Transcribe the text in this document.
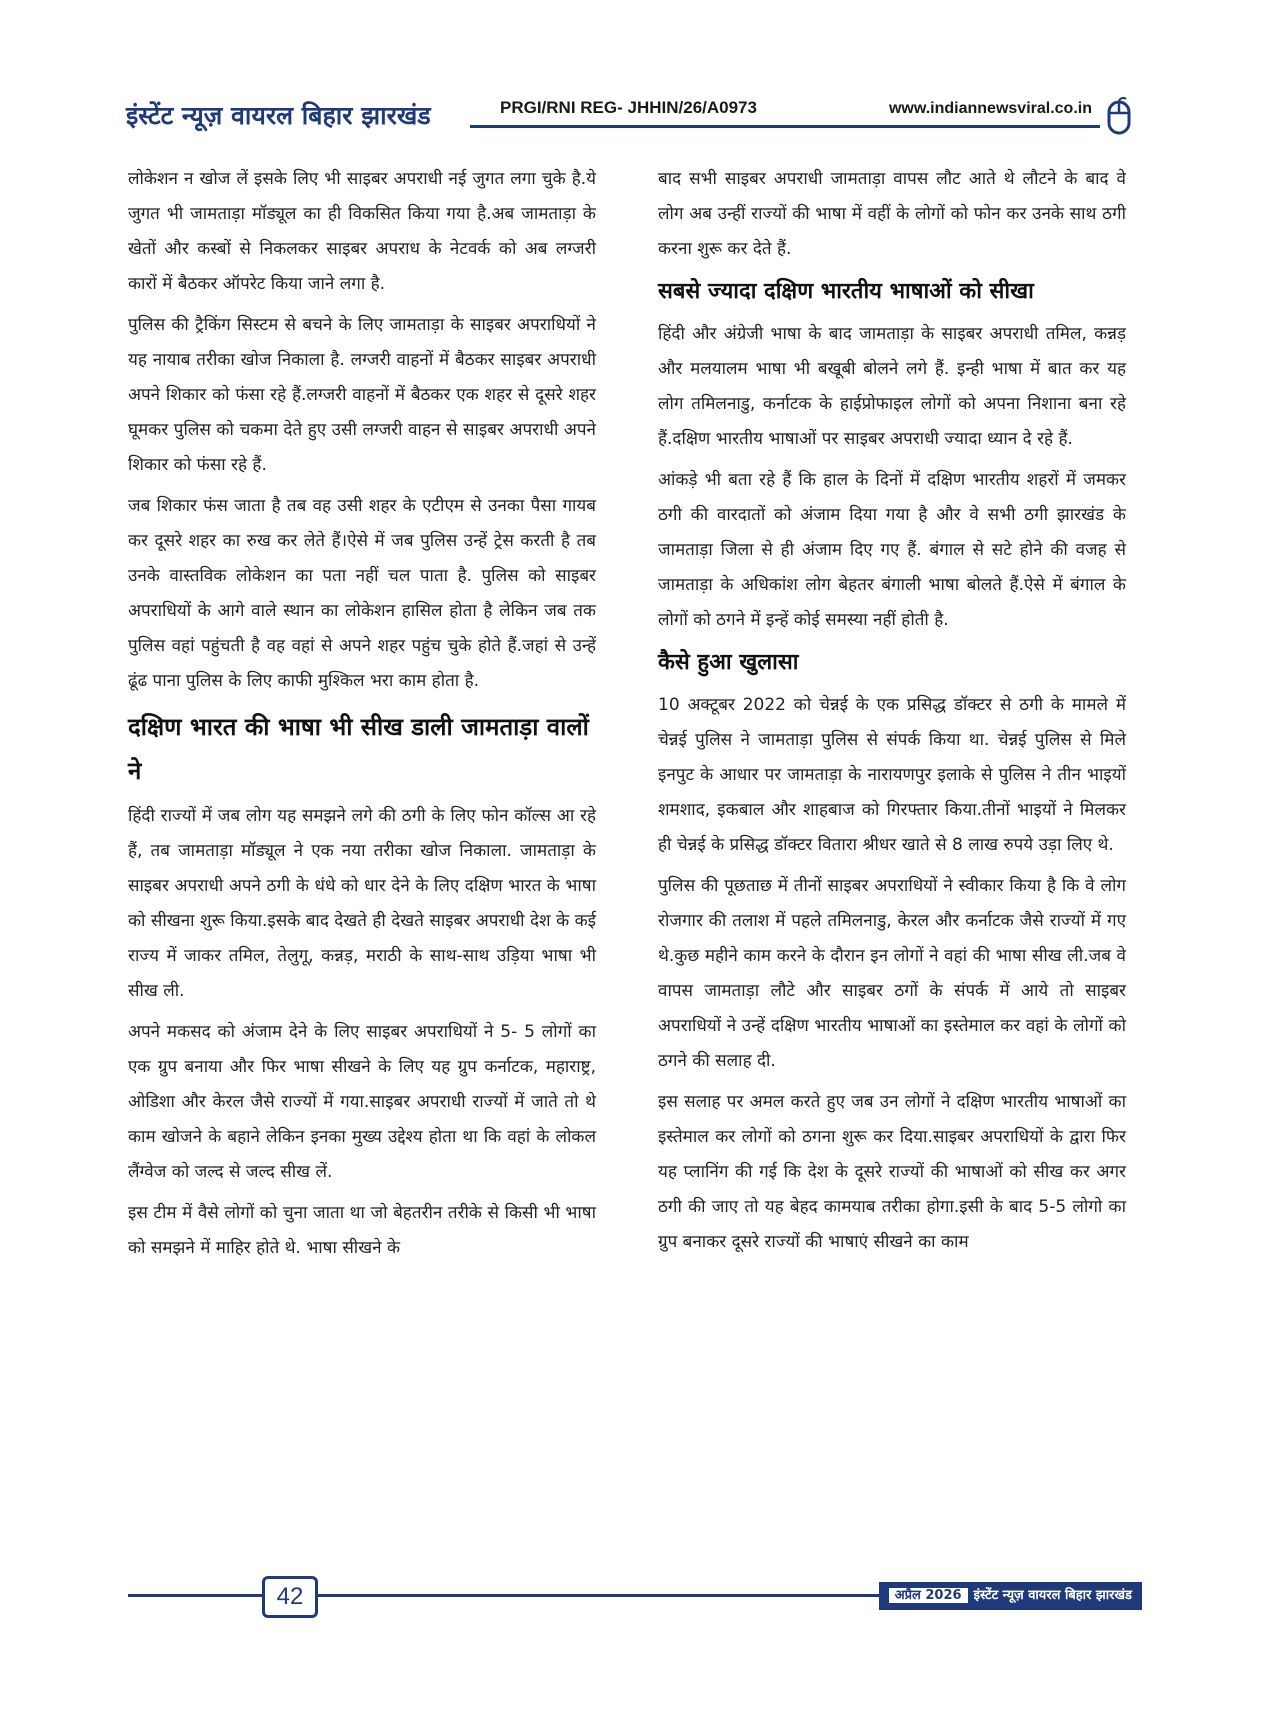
इंस्टेंट न्यूज़ वायरल बिहार झारखंड	PRGI/RNI REG- JHHIN/26/A0973	www.indiannewsviral.co.in

लोकेशन न खोज लें इसके लिए भी साइबर अपराधी नई जुगत लगा चुके है.ये जुगत भी जामताड़ा मॉड्यूल का ही विकसित किया गया है.अब जामताड़ा के खेतों और कस्बों से निकलकर साइबर अपराध के नेटवर्क को अब लग्जरी कारों में बैठकर ऑपरेट किया जाने लगा है.

पुलिस की ट्रैकिंग सिस्टम से बचने के लिए जामताड़ा के साइबर अपराधियों ने यह नायाब तरीका खोज निकाला है. लग्जरी वाहनों में बैठकर साइबर अपराधी अपने शिकार को फंसा रहे हैं.लग्जरी वाहनों में बैठकर एक शहर से दूसरे शहर घूमकर पुलिस को चकमा देते हुए उसी लग्जरी वाहन से साइबर अपराधी अपने शिकार को फंसा रहे हैं.

जब शिकार फंस जाता है तब वह उसी शहर के एटीएम से उनका पैसा गायब कर दूसरे शहर का रुख कर लेते हैं।ऐसे में जब पुलिस उन्हें ट्रेस करती है तब उनके वास्तविक लोकेशन का पता नहीं चल पाता है. पुलिस को साइबर अपराधियों के आगे वाले स्थान का लोकेशन हासिल होता है लेकिन जब तक पुलिस वहां पहुंचती है वह वहां से अपने शहर पहुंच चुके होते हैं.जहां से उन्हें ढूंढ पाना पुलिस के लिए काफी मुश्किल भरा काम होता है.

दक्षिण भारत की भाषा भी सीख डाली जामताड़ा वालों ने

हिंदी राज्यों में जब लोग यह समझने लगे की ठगी के लिए फोन कॉल्स आ रहे हैं, तब जामताड़ा मॉड्यूल ने एक नया तरीका खोज निकाला. जामताड़ा के साइबर अपराधी अपने ठगी के धंधे को धार देने के लिए दक्षिण भारत के भाषा को सीखना शुरू किया.इसके बाद देखते ही देखते साइबर अपराधी देश के कई राज्य में जाकर तमिल, तेलुगू, कन्नड़, मराठी के साथ-साथ उड़िया भाषा भी सीख ली.

अपने मकसद को अंजाम देने के लिए साइबर अपराधियों ने 5- 5 लोगों का एक ग्रुप बनाया और फिर भाषा सीखने के लिए यह ग्रुप कर्नाटक, महाराष्ट्र, ओडिशा और केरल जैसे राज्यों में गया.साइबर अपराधी राज्यों में जाते तो थे काम खोजने के बहाने लेकिन इनका मुख्य उद्देश्य होता था कि वहां के लोकल लैंग्वेज को जल्द से जल्द सीख लें.

इस टीम में वैसे लोगों को चुना जाता था जो बेहतरीन तरीके से किसी भी भाषा को समझने में माहिर होते थे. भाषा सीखने के

बाद सभी साइबर अपराधी जामताड़ा वापस लौट आते थे लौटने के बाद वे लोग अब उन्हीं राज्यों की भाषा में वहीं के लोगों को फोन कर उनके साथ ठगी करना शुरू कर देते हैं.

सबसे ज्यादा दक्षिण भारतीय भाषाओं को सीखा

हिंदी और अंग्रेजी भाषा के बाद जामताड़ा के साइबर अपराधी तमिल, कन्नड़ और मलयालम भाषा भी बखूबी बोलने लगे हैं. इन्ही भाषा में बात कर यह लोग तमिलनाडु, कर्नाटक के हाईप्रोफाइल लोगों को अपना निशाना बना रहे हैं.दक्षिण भारतीय भाषाओं पर साइबर अपराधी ज्यादा ध्यान दे रहे हैं.

आंकड़े भी बता रहे हैं कि हाल के दिनों में दक्षिण भारतीय शहरों में जमकर ठगी की वारदातों को अंजाम दिया गया है और वे सभी ठगी झारखंड के जामताड़ा जिला से ही अंजाम दिए गए हैं. बंगाल से सटे होने की वजह से जामताड़ा के अधिकांश लोग बेहतर बंगाली भाषा बोलते हैं.ऐसे में बंगाल के लोगों को ठगने में इन्हें कोई समस्या नहीं होती है.

कैसे हुआ खुलासा

10 अक्टूबर 2022 को चेन्नई के एक प्रसिद्ध डॉक्टर से ठगी के मामले में चेन्नई पुलिस ने जामताड़ा पुलिस से संपर्क किया था. चेन्नई पुलिस से मिले इनपुट के आधार पर जामताड़ा के नारायणपुर इलाके से पुलिस ने तीन भाइयों शमशाद, इकबाल और शाहबाज को गिरफ्तार किया.तीनों भाइयों ने मिलकर ही चेन्नई के प्रसिद्ध डॉक्टर वितारा श्रीधर खाते से 8 लाख रुपये उड़ा लिए थे.

पुलिस की पूछताछ में तीनों साइबर अपराधियों ने स्वीकार किया है कि वे लोग रोजगार की तलाश में पहले तमिलनाडु, केरल और कर्नाटक जैसे राज्यों में गए थे.कुछ महीने काम करने के दौरान इन लोगों ने वहां की भाषा सीख ली.जब वे वापस जामताड़ा लौटे और साइबर ठगों के संपर्क में आये तो साइबर अपराधियों ने उन्हें दक्षिण भारतीय भाषाओं का इस्तेमाल कर वहां के लोगों को ठगने की सलाह दी.

इस सलाह पर अमल करते हुए जब उन लोगों ने दक्षिण भारतीय भाषाओं का इस्तेमाल कर लोगों को ठगना शुरू कर दिया.साइबर अपराधियों के द्वारा फिर यह प्लानिंग की गई कि देश के दूसरे राज्यों की भाषाओं को सीख कर अगर ठगी की जाए तो यह बेहद कामयाब तरीका होगा.इसी के बाद 5-5 लोगो का ग्रुप बनाकर दूसरे राज्यों की भाषाएं सीखने का काम

42	अप्रैल 2026 इंस्टेंट न्यूज़ वायरल बिहार झारखंड
